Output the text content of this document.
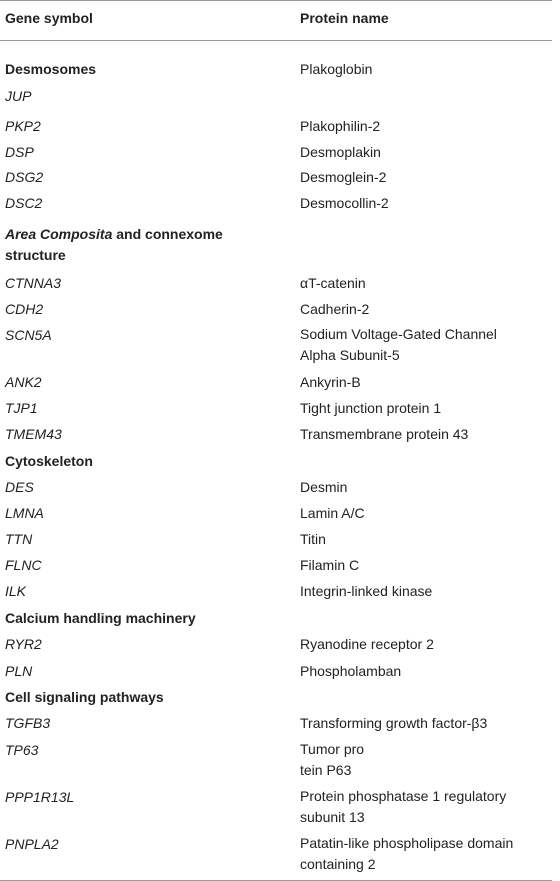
Gene symbol	Protein name
Desmosomes	Plakoglobin
JUP
PKP2	Plakophilin-2
DSP	Desmoplakin
DSG2	Desmoglein-2
DSC2	Desmocollin-2
Area Composita and connexome
structure
CTNNA3	αT-catenin
CDH2	Cadherin-2
SCN5A	Sodium Voltage-Gated Channel
Alpha Subunit-5
ANK2	Ankyrin-B
TJP1	Tight junction protein 1
TMEM43	Transmembrane protein 43
Cytoskeleton
DES	Desmin
LMNA	Lamin A/C
TTN	Titin
FLNC	Filamin C
ILK	Integrin-linked kinase
Calcium handling machinery
RYR2	Ryanodine receptor 2
PLN	Phospholamban
Cell signaling pathways
TGFB3	Transforming growth factor-β3
TP63	Tumor pro
tein P63
PPP1R13L	Protein phosphatase 1 regulatory
subunit 13
PNPLA2	Patatin-like phospholipase domain
containing 2
